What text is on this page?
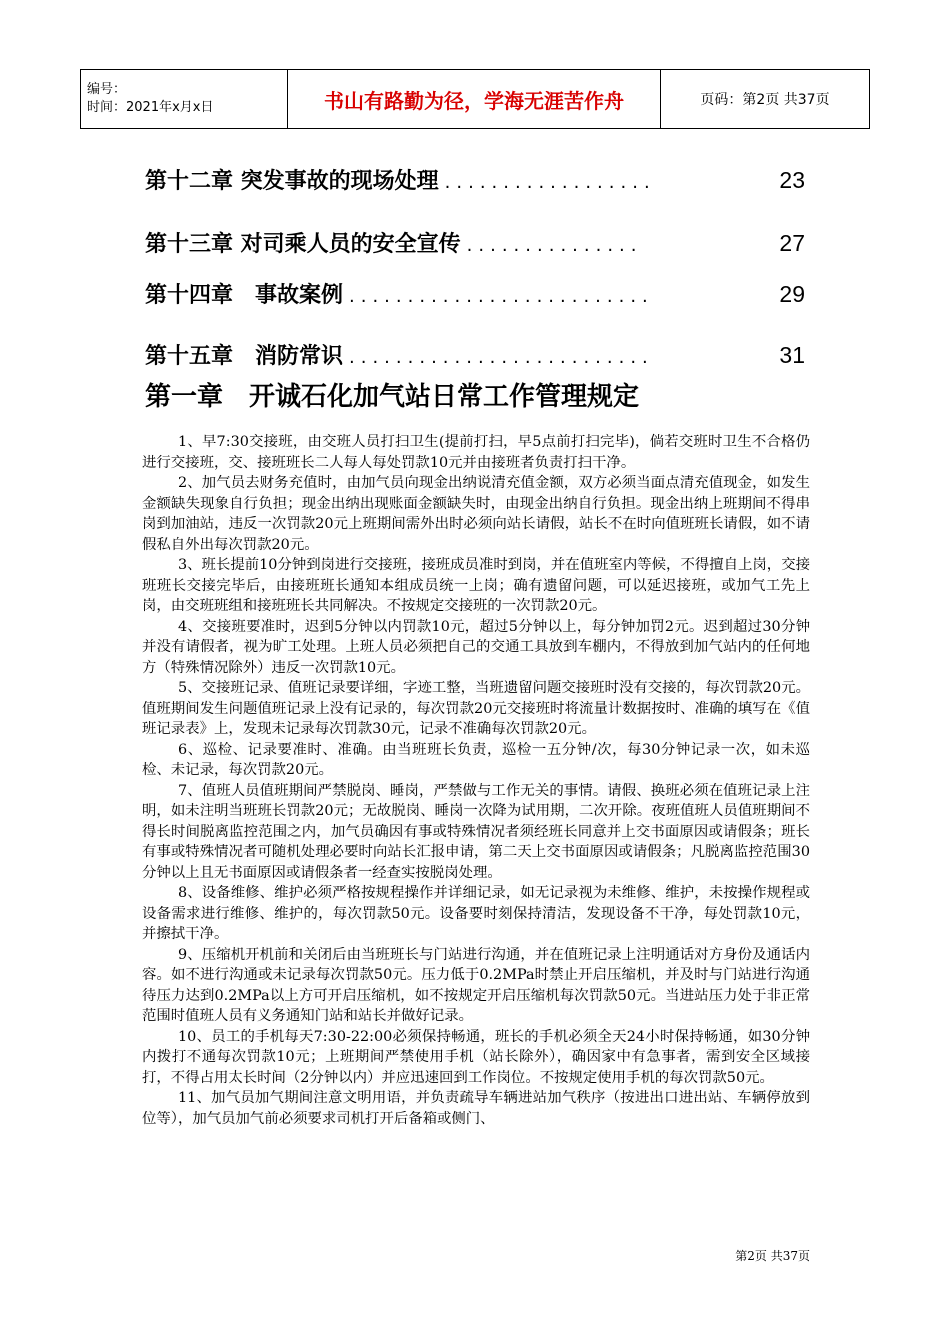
编号：
时间：2021年x月x日	书山有路勤为径，学海无涯苦作舟	页码：第2页 共37页
第十二章 突发事故的现场处理 ..................	23
第十三章 对司乘人员的安全宣传 ...............	27
第十四章　事故案例 ..........................	29
第十五章　消防常识 ..........................	31
第一章　开诚石化加气站日常工作管理规定

1、早7:30交接班，由交班人员打扫卫生(提前打扫，早5点前打扫完毕)，倘若交班时卫生不合格仍进行交接班，交、接班班长二人每人每处罚款10元并由接班者负责打扫干净。

2、加气员去财务充值时，由加气员向现金出纳说清充值金额，双方必须当面点清充值现金，如发生金额缺失现象自行负担；现金出纳出现账面金额缺失时，由现金出纳自行负担。现金出纳上班期间不得串岗到加油站，违反一次罚款20元上班期间需外出时必须向站长请假，站长不在时向值班班长请假，如不请假私自外出每次罚款20元。

3、班长提前10分钟到岗进行交接班，接班成员准时到岗，并在值班室内等候，不得擅自上岗，交接班班长交接完毕后，由接班班长通知本组成员统一上岗；确有遗留问题，可以延迟接班，或加气工先上岗，由交班班组和接班班长共同解决。不按规定交接班的一次罚款20元。

4、交接班要准时，迟到5分钟以内罚款10元，超过5分钟以上，每分钟加罚2元。迟到超过30分钟并没有请假者，视为旷工处理。上班人员必须把自己的交通工具放到车棚内，不得放到加气站内的任何地方（特殊情况除外）违反一次罚款10元。

5、交接班记录、值班记录要详细，字迹工整，当班遗留问题交接班时没有交接的，每次罚款20元。值班期间发生问题值班记录上没有记录的，每次罚款20元交接班时将流量计数据按时、准确的填写在《值班记录表》上，发现未记录每次罚款30元，记录不准确每次罚款20元。

6、巡检、记录要准时、准确。由当班班长负责，巡检一五分钟/次，每30分钟记录一次，如未巡检、未记录，每次罚款20元。

7、值班人员值班期间严禁脱岗、睡岗，严禁做与工作无关的事情。请假、换班必须在值班记录上注明，如未注明当班班长罚款20元；无故脱岗、睡岗一次降为试用期，二次开除。夜班值班人员值班期间不得长时间脱离监控范围之内，加气员确因有事或特殊情况者须经班长同意并上交书面原因或请假条；班长有事或特殊情况者可随机处理必要时向站长汇报申请，第二天上交书面原因或请假条；凡脱离监控范围30分钟以上且无书面原因或请假条者一经查实按脱岗处理。

8、设备维修、维护必须严格按规程操作并详细记录，如无记录视为未维修、维护，未按操作规程或设备需求进行维修、维护的，每次罚款50元。设备要时刻保持清洁，发现设备不干净，每处罚款10元，并擦拭干净。

9、压缩机开机前和关闭后由当班班长与门站进行沟通，并在值班记录上注明通话对方身份及通话内容。如不进行沟通或未记录每次罚款50元。压力低于0.2MPa时禁止开启压缩机，并及时与门站进行沟通待压力达到0.2MPa以上方可开启压缩机，如不按规定开启压缩机每次罚款50元。当进站压力处于非正常范围时值班人员有义务通知门站和站长并做好记录。

10、员工的手机每天7:30-22:00必须保持畅通，班长的手机必须全天24小时保持畅通，如30分钟内拨打不通每次罚款10元；上班期间严禁使用手机（站长除外），确因家中有急事者，需到安全区域接打，不得占用太长时间（2分钟以内）并应迅速回到工作岗位。不按规定使用手机的每次罚款50元。

11、加气员加气期间注意文明用语，并负责疏导车辆进站加气秩序（按进出口进出站、车辆停放到位等），加气员加气前必须要求司机打开后备箱或侧门、

第2页 共37页
